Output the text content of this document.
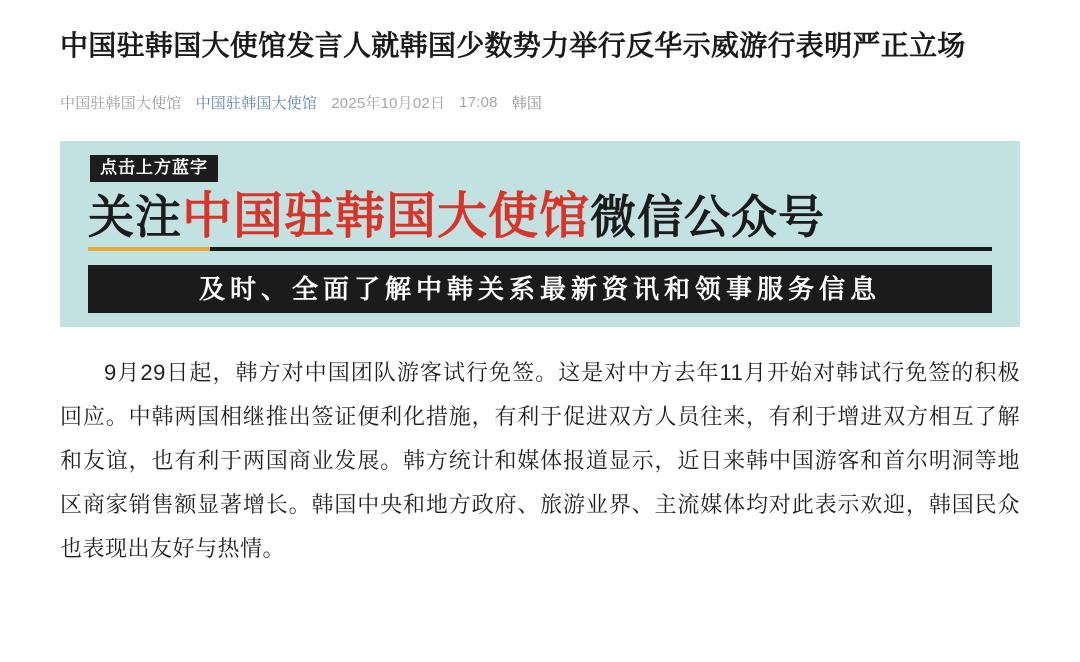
中国驻韩国大使馆发言人就韩国少数势力举行反华示威游行表明严正立场
中国驻韩国大使馆 中国驻韩国大使馆 2025年10月02日 17:08 韩国
点击上方蓝字
关注 中国驻韩国大使馆 微信公众号
及时、全面了解中韩关系最新资讯和领事服务信息

9月29日起，韩方对中国团队游客试行免签。这是对中方去年11月开始对韩试行免签的积极回应。中韩两国相继推出签证便利化措施，有利于促进双方人员往来，有利于增进双方相互了解和友谊，也有利于两国商业发展。韩方统计和媒体报道显示，近日来韩中国游客和首尔明洞等地区商家销售额显著增长。韩国中央和地方政府、旅游业界、主流媒体均对此表示欢迎，韩国民众也表现出友好与热情。
